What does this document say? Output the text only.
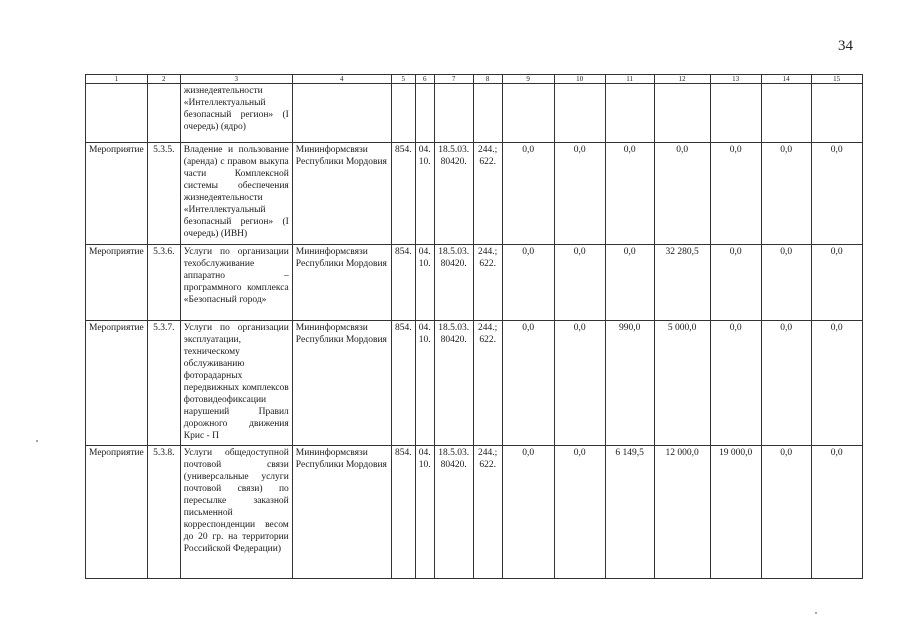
34
1	2	3	4	5	6	7	8	9	10	11	12	13	14	15
		жизнедеятельности «Интеллектуальный безопасный регион» (I очередь) (ядро)												
Мероприятие	5.3.5.	Владение и пользование (аренда) с правом выкупа части Комплексной системы обеспечения жизнедеятельности «Интеллектуальный безопасный регион» (I очередь) (ИВН)	Мининформсвязи Республики Мордовия	854.	04. 10.	18.5.03. 80420.	244.; 622.	0,0	0,0	0,0	0,0	0,0	0,0	0,0
Мероприятие	5.3.6.	Услуги по организации техобслуживание аппаратно – программного комплекса «Безопасный город»	Мининформсвязи Республики Мордовия	854.	04. 10.	18.5.03. 80420.	244.; 622.	0,0	0,0	0,0	32 280,5	0,0	0,0	0,0
Мероприятие	5.3.7.	Услуги по организации эксплуатации, техническому обслуживанию фоторадарных передвижных комплексов фотовидеофиксации нарушений Правил дорожного движения Крис - П	Мининформсвязи Республики Мордовия	854.	04. 10.	18.5.03. 80420.	244.; 622.	0,0	0,0	990,0	5 000,0	0,0	0,0	0,0
Мероприятие	5.3.8.	Услуги общедоступной почтовой связи (универсальные услуги почтовой связи) по пересылке заказной письменной корреспонденции весом до 20 гр. на территории Российской Федерации)	Мининформсвязи Республики Мордовия	854.	04. 10.	18.5.03. 80420.	244.; 622.	0,0	0,0	6 149,5	12 000,0	19 000,0	0,0	0,0
